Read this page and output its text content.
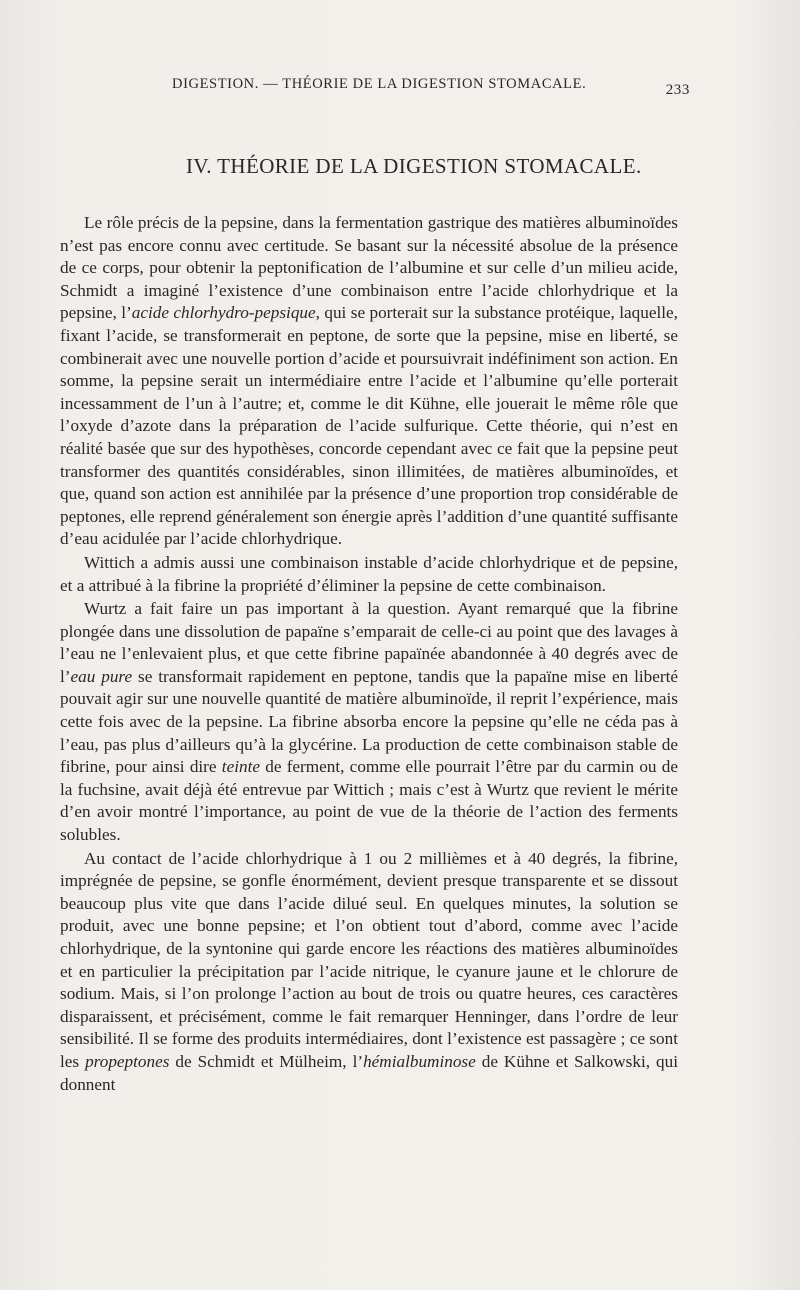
DIGESTION. — THÉORIE DE LA DIGESTION STOMACALE.	233
IV. THÉORIE DE LA DIGESTION STOMACALE.

Le rôle précis de la pepsine, dans la fermentation gastrique des matières albuminoïdes n’est pas encore connu avec certitude. Se basant sur la nécessité absolue de la présence de ce corps, pour obtenir la peptonification de l’albumine et sur celle d’un milieu acide, Schmidt a imaginé l’existence d’une combinaison entre l’acide chlorhydrique et la pepsine, l’acide chlorhydro-pepsique, qui se porterait sur la substance protéique, laquelle, fixant l’acide, se transformerait en peptone, de sorte que la pepsine, mise en liberté, se combinerait avec une nouvelle portion d’acide et poursuivrait indéfiniment son action. En somme, la pepsine serait un intermédiaire entre l’acide et l’albumine qu’elle porterait incessamment de l’un à l’autre; et, comme le dit Kühne, elle jouerait le même rôle que l’oxyde d’azote dans la préparation de l’acide sulfurique. Cette théorie, qui n’est en réalité basée que sur des hypothèses, concorde cependant avec ce fait que la pepsine peut transformer des quantités considérables, sinon illimitées, de matières albuminoïdes, et que, quand son action est annihilée par la présence d’une proportion trop considérable de peptones, elle reprend généralement son énergie après l’addition d’une quantité suffisante d’eau acidulée par l’acide chlorhydrique.

Wittich a admis aussi une combinaison instable d’acide chlorhydrique et de pepsine, et a attribué à la fibrine la propriété d’éliminer la pepsine de cette combinaison.

Wurtz a fait faire un pas important à la question. Ayant remarqué que la fibrine plongée dans une dissolution de papaïne s’emparait de celle-ci au point que des lavages à l’eau ne l’enlevaient plus, et que cette fibrine papaïnée abandonnée à 40 degrés avec de l’eau pure se transformait rapidement en peptone, tandis que la papaïne mise en liberté pouvait agir sur une nouvelle quantité de matière albuminoïde, il reprit l’expérience, mais cette fois avec de la pepsine. La fibrine absorba encore la pepsine qu’elle ne céda pas à l’eau, pas plus d’ailleurs qu’à la glycérine. La production de cette combinaison stable de fibrine, pour ainsi dire teinte de ferment, comme elle pourrait l’être par du carmin ou de la fuchsine, avait déjà été entrevue par Wittich ; mais c’est à Wurtz que revient le mérite d’en avoir montré l’importance, au point de vue de la théorie de l’action des ferments solubles.

Au contact de l’acide chlorhydrique à 1 ou 2 millièmes et à 40 degrés, la fibrine, imprégnée de pepsine, se gonfle énormément, devient presque transparente et se dissout beaucoup plus vite que dans l’acide dilué seul. En quelques minutes, la solution se produit, avec une bonne pepsine; et l’on obtient tout d’abord, comme avec l’acide chlorhydrique, de la syntonine qui garde encore les réactions des matières albuminoïdes et en particulier la précipitation par l’acide nitrique, le cyanure jaune et le chlorure de sodium. Mais, si l’on prolonge l’action au bout de trois ou quatre heures, ces caractères disparaissent, et précisément, comme le fait remarquer Henninger, dans l’ordre de leur sensibilité. Il se forme des produits intermédiaires, dont l’existence est passagère ; ce sont les propeptones de Schmidt et Mülheim, l’hémialbuminose de Kühne et Salkowski, qui donnent
